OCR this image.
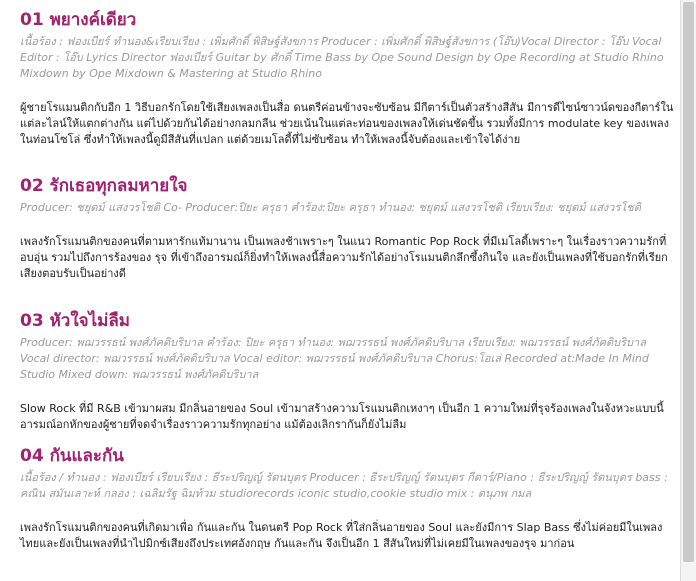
01 พยางค์เดียว

เนื้อร้อง : ฟองเบียร์ ทำนอง&เรียบเรียง : เพิ่มศักดิ์ พิสิษฐ์สังขการ Producer : เพิ่มศักดิ์ พิสิษฐ์สังขการ (โอ๊บ)Vocal Director : โอ๊บ Vocal Editor : โอ๊บ Lyrics Director ฟองเบียร์ Guitar by ศักดิ์ Time Bass by Ope Sound Design by Ope Recording at Studio Rhino Mixdown by Ope Mixdown & Mastering at Studio Rhino

ผู้ชายโรแมนติกกับอีก 1 วิธีบอกรักโดยใช้เสียงเพลงเป็นสื่อ ดนตรีค่อนข้างจะซับซ้อน มีกีตาร์เป็นตัวสร้างสีสัน มีการดีไซน์ซาวน์ดของกีตาร์ในแต่ละไลน์ให้แตกต่างกัน แต่ไปด้วยกันได้อย่างกลมกลืน ช่วยเน้นในแต่ละท่อนของเพลงให้เด่นชัดขึ้น รวมทั้งมีการ modulate key ของเพลงในท่อนโซโล่ ซึ่งทำให้เพลงนี้ดูมีสีสันที่แปลก แต่ด้วยเมโลดี้ที่ไม่ซับซ้อน ทำให้เพลงนี้จับต้องและเข้าใจได้ง่าย

02 รักเธอทุกลมหายใจ

Producer: ชยุตม์ แสงวรโชติ Co- Producer:ปิยะ ครุธา คำร้อง:ปิยะ ครุธา ทำนอง: ชยุตม์ แสงวรโชติ เรียบเรียง: ชยุตม์ แสงวรโชติ

เพลงรักโรแมนติกของคนที่ตามหารักแท้มานาน เป็นเพลงช้าเพราะๆ ในแนว Romantic Pop Rock ที่มีเมโลดี้เพราะๆ ในเรื่องราวความรักที่อบอุ่น รวมไปถึงการร้องของ รุจ ที่เข้าถึงอารมณ์ก็ยิ่งทำให้เพลงนี้สื่อความรักได้อย่างโรแมนติกลึกซึ้งกินใจ และยังเป็นเพลงที่ใช้บอกรักที่เรียกเสียงตอบรับเป็นอย่างดี

03 หัวใจไม่ลืม

Producer: พฌวรรธน์ พงศ์ภัคดิบริบาล คำร้อง: ปิยะ ครุธา ทำนอง: พฌวรรธน์ พงศ์ภัคดิบริบาล เรียบเรียง: พฌวรรธน์ พงศ์ภัคดิบริบาล Vocal director: พฌวรรธน์ พงศ์ภัคดิบริบาล Vocal editor: พฌวรรธน์ พงศ์ภัคดิบริบาล Chorus:โอเล่ Recorded at:Made In Mind Studio Mixed down: พฌวรรธน์ พงศ์ภัคดิบริบาล

Slow Rock ที่มี R&B เข้ามาผสม มีกลิ่นอายของ Soul เข้ามาสร้างความโรแมนติกเหงาๆ เป็นอีก 1 ความใหม่ที่รุจร้องเพลงในจังหวะแบบนี้ อารมณ์อกหักของผู้ชายที่จดจำเรื่องราวความรักทุกอย่าง แม้ต้องเลิกรากันก็ยังไม่ลืม

04 กันและกัน

เนื้อร้อง / ทำนอง : ฟองเบียร์ เรียบเรียง : ธีระปริญญ์ รัตนบุตร Producer : ธีระปริญญ์ รัตนบุตร กีตาร์/Piano : ธีระปริญญ์ รัตนบุตร bass : คณิน สมันเลาะห์ กลอง : เฉลิมรัฐ ฉิมท้วม studiorecords iconic studio,cookie studio mix : ดนุภพ กมล

เพลงรักโรแมนติกของคนที่เกิดมาเพื่อ กันและกัน ในดนตรี Pop Rock ที่ใส่กลิ่นอายของ Soul และยังมีการ Slap Bass ซึ่งไม่ค่อยมีในเพลงไทยและยังเป็นเพลงที่นำไปมิกซ์เสียงถึงประเทศอังกฤษ กันและกัน จึงเป็นอีก 1 สีสันใหม่ที่ไม่เคยมีในเพลงของรุจ มาก่อน
